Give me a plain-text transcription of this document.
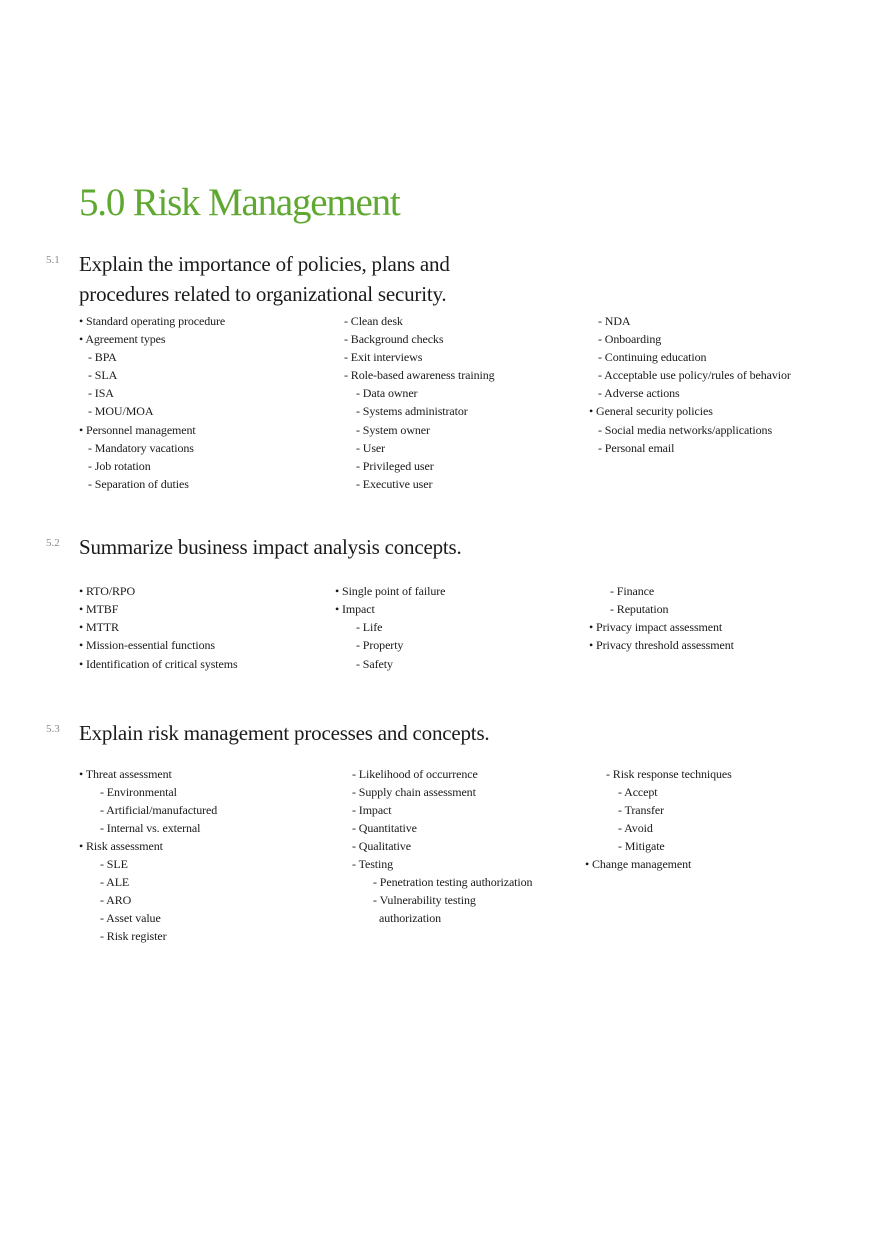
5.0 Risk Management
5.1 Explain the importance of policies, plans and
procedures related to organizational security.
• Standard operating procedure
• Agreement types
- BPA
- SLA
- ISA
- MOU/MOA
• Personnel management
- Mandatory vacations
- Job rotation
- Separation of duties
- Clean desk
- Background checks
- Exit interviews
- Role-based awareness training
- Data owner
- Systems administrator
- System owner
- User
- Privileged user
- Executive user
- NDA
- Onboarding
- Continuing education
- Acceptable use policy/rules of behavior
- Adverse actions
• General security policies
- Social media networks/applications
- Personal email
5.2 Summarize business impact analysis concepts.
• RTO/RPO
• MTBF
• MTTR
• Mission-essential functions
• Identification of critical systems
• Single point of failure
• Impact
- Life
- Property
- Safety
- Finance
- Reputation
• Privacy impact assessment
• Privacy threshold assessment
5.3 Explain risk management processes and concepts.
• Threat assessment
- Environmental
- Artificial/manufactured
- Internal vs. external
• Risk assessment
- SLE
- ALE
- ARO
- Asset value
- Risk register
- Likelihood of occurrence
- Supply chain assessment
- Impact
- Quantitative
- Qualitative
- Testing
- Penetration testing authorization
- Vulnerability testing
authorization
- Risk response techniques
- Accept
- Transfer
- Avoid
- Mitigate
• Change management
